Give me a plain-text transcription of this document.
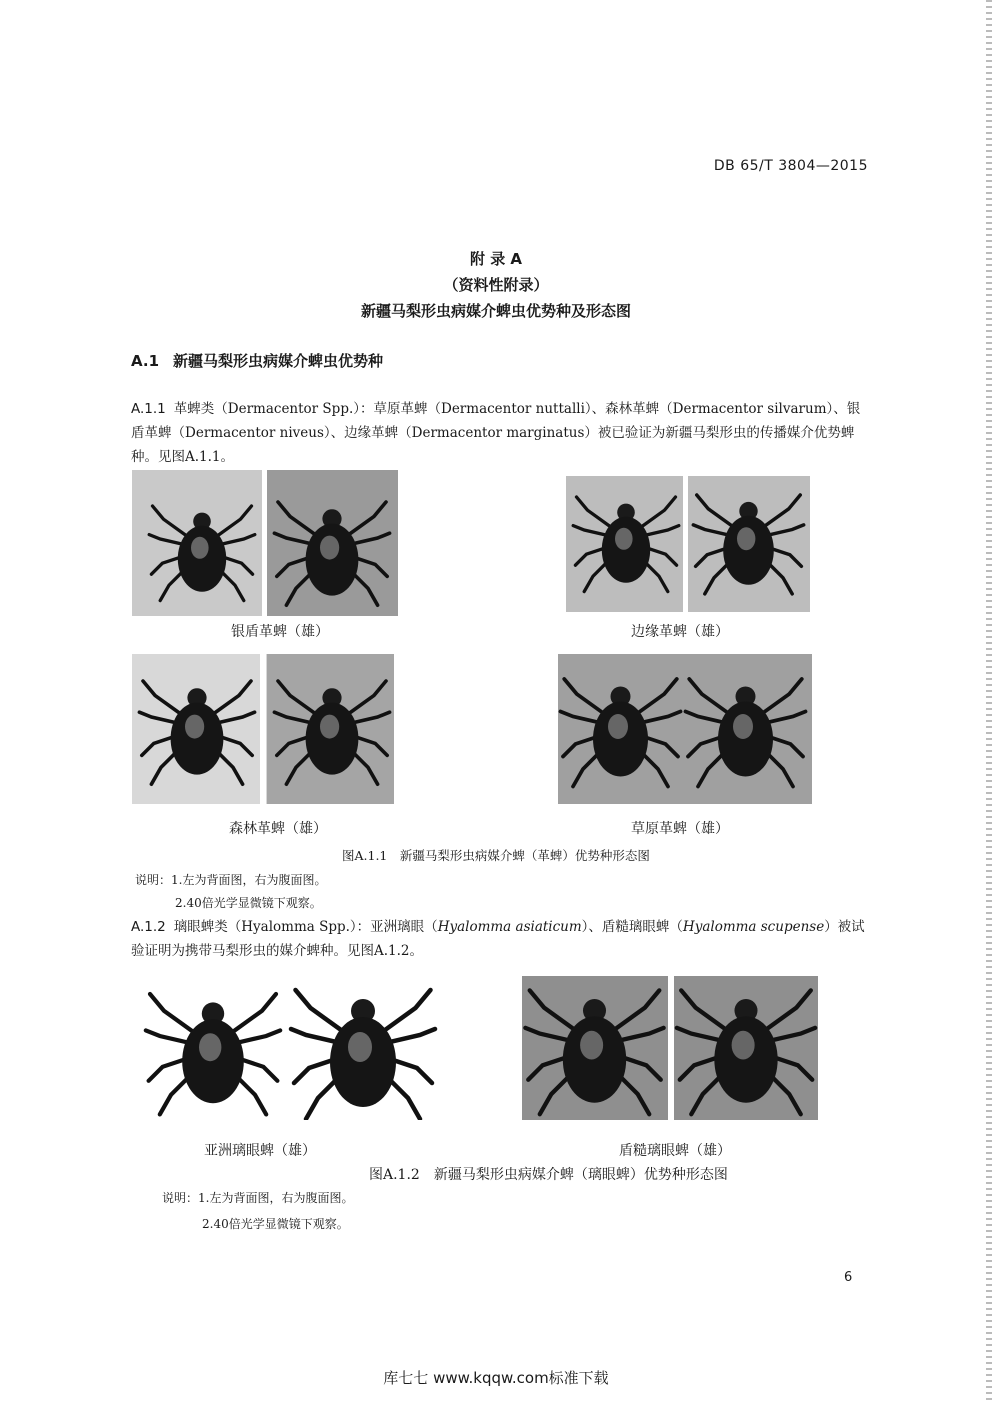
DB 65/T 3804—2015
附 录 A
（资料性附录）
新疆马梨形虫病媒介蜱虫优势种及形态图
A.1 新疆马梨形虫病媒介蜱虫优势种
A.1.1 革蜱类（Dermacentor Spp.）：草原革蜱（Dermacentor nuttalli）、森林革蜱（Dermacentor silvarum）、银盾革蜱（Dermacentor niveus）、边缘革蜱（Dermacentor marginatus）被已验证为新疆马梨形虫的传播媒介优势蜱种。见图A.1.1。
银盾革蜱（雄）	边缘革蜱（雄）
森林革蜱（雄）	草原革蜱（雄）
图A.1.1　新疆马梨形虫病媒介蜱（革蜱）优势种形态图
说明：1.左为背面图，右为腹面图。
2.40倍光学显微镜下观察。
A.1.2 璃眼蜱类（Hyalomma Spp.）：亚洲璃眼（Hyalomma asiaticum）、盾糙璃眼蜱（Hyalomma scupense）被试验证明为携带马梨形虫的媒介蜱种。见图A.1.2。
亚洲璃眼蜱（雄）	盾糙璃眼蜱（雄）
图A.1.2　新疆马梨形虫病媒介蜱（璃眼蜱）优势种形态图
说明：1.左为背面图，右为腹面图。
2.40倍光学显微镜下观察。
6
库七七 www.kqqw.com标准下载
